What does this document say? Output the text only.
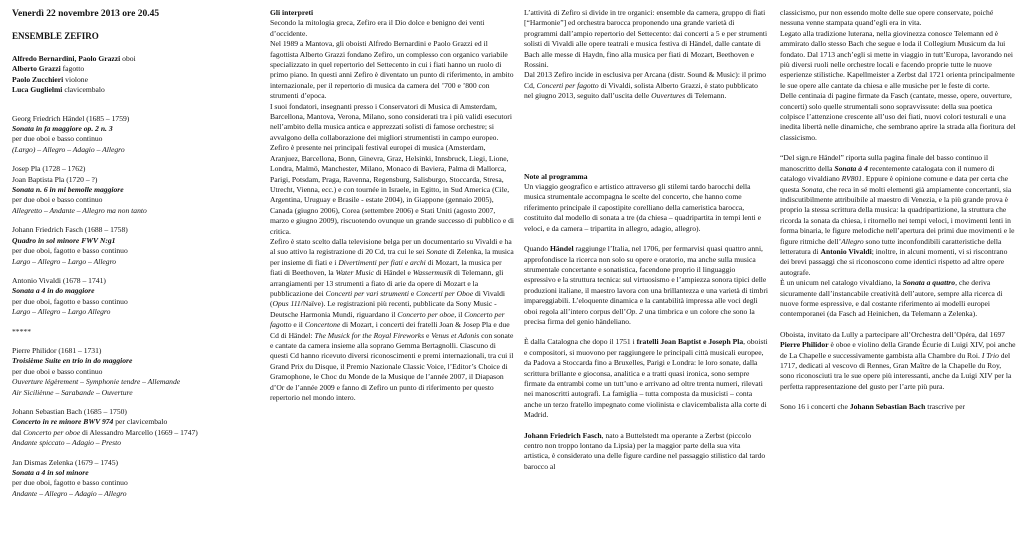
Venerdì 22 novembre 2013 ore 20.45

ENSEMBLE ZEFIRO

Alfredo Bernardini, Paolo Grazzi oboi

Alberto Grazzi fagotto

Paolo Zucchieri violone

Luca Guglielmi clavicembalo

Georg Friedrich Händel (1685 – 1759)

Sonata in fa maggiore op. 2 n. 3

per due oboi e basso continuo

(Largo) – Allegro – Adagio – Allegro

Josep Pla (1728 – 1762)

Joan Baptista Pla (1720 – ?)

Sonata n. 6 in mi bemolle maggiore

per due oboi e basso continuo

Allegretto – Andante – Allegro ma non tanto

Johann Friedrich Fasch (1688 – 1758)

Quadro in sol minore FWV N:g1

per due oboi, fagotto e basso continuo

Largo – Allegro – Largo – Allegro

Antonio Vivaldi (1678 – 1741)

Sonata a 4 in do maggiore

per due oboi, fagotto e basso continuo

Largo – Allegro – Largo Allegro

*****

Pierre Philidor (1681 – 1731)

Troisième Suite en trio in do maggiore

per due oboi e basso continuo

Ouverture légèrement – Symphonie tendre – Allemande

Air Siciliènne – Sarabande – Ouverture

Johann Sebastian Bach (1685 – 1750)

Concerto in re minore BWV 974 per clavicembalo

dal Concerto per oboe di Alessandro Marcello (1669 – 1747)

Andante spiccato – Adagio – Presto

Jan Dismas Zelenka (1679 – 1745)

Sonata a 4 in sol minore

per due oboi, fagotto e basso continuo

Andante – Allegro – Adagio – Allegro

Gli interpreti

Secondo la mitologia greca, Zefiro era il Dio dolce e benigno dei venti d’occidente.

Nel 1989 a Mantova, gli oboisti Alfredo Bernardini e Paolo Grazzi ed il fagottista Alberto Grazzi fondano Zefiro, un complesso con organico variabile specializzato in quel repertorio del Settecento in cui i fiati hanno un ruolo di primo piano. In questi anni Zefiro è diventato un punto di riferimento, in ambito internazionale, per il repertorio di musica da camera del ’700 e ’800 con strumenti d’epoca.

I suoi fondatori, insegnanti presso i Conservatori di Musica di Amsterdam, Barcellona, Mantova, Verona, Milano, sono considerati tra i più validi esecutori nell’ambito della musica antica e apprezzati solisti di famose orchestre; si avvalgono della collaborazione dei migliori strumentisti in campo europeo.

Zefiro è presente nei principali festival europei di musica (Amsterdam, Aranjuez, Barcellona, Bonn, Ginevra, Graz, Helsinki, Innsbruck, Liegi, Lione, Londra, Malmö, Manchester, Milano, Monaco di Baviera, Palma di Mallorca, Parigi, Potsdam, Praga, Ravenna, Regensburg, Salisburgo, Stoccarda, Stresa, Utrecht, Vienna, ecc.) e con tournée in Israele, in Egitto, in Sud America (Cile, Argentina, Uruguay e Brasile - estate 2004), in Giappone (gennaio 2005), Canada (giugno 2006), Corea (settembre 2006) e Stati Uniti (agosto 2007, marzo e giugno 2009), riscuotendo ovunque un grande successo di pubblico e di critica.

Zefiro è stato scelto dalla televisione belga per un documentario su Vivaldi e ha al suo attivo la registrazione di 20 Cd, tra cui le sei Sonate di Zelenka, la musica per insieme di fiati e i Divertimenti per fiati e archi di Mozart, la musica per fiati di Beethoven, la Water Music di Händel e Wassermusik di Telemann, gli arrangiamenti per 13 strumenti a fiato di arie da opere di Mozart e la pubblicazione dei Concerti per vari strumenti e Concerti per Oboe di Vivaldi (Opus 111/Naïve). Le registrazioni più recenti, pubblicate da Sony Music -Deutsche Harmonia Mundi, riguardano il Concerto per oboe, il Concerto per fagotto e il Concertone di Mozart, i concerti dei fratelli Joan & Josep Pla e due Cd di Händel: The Musick for the Royal Fireworks e Venus et Adonis con sonate e cantate da camera insieme alla soprano Gemma Bertagnolli. Ciascuno di questi Cd hanno ricevuto diversi riconoscimenti e premi internazionali, tra cui il Grand Prix du Disque, il Premio Nazionale Classic Voice, l’Editor’s Choice di Gramophone, le Choc du Monde de la Musique de l’année 2007, il Diapason d’Or de l’année 2009 e fanno di Zefiro un punto di riferimento per questo repertorio nel mondo intero.

L’attività di Zefiro si divide in tre organici: ensemble da camera, gruppo di fiati [“Harmonie”] ed orchestra barocca proponendo una grande varietà di programmi dall’ampio repertorio del Settecento: dai concerti a 5 e per strumenti solisti di Vivaldi alle opere teatrali e musica festiva di Händel, dalle cantate di Bach alle messe di Haydn, fino alla musica per fiati di Mozart, Beethoven e Rossini.

Dal 2013 Zefiro incide in esclusiva per Arcana (distr. Sound & Music): il primo Cd, Concerti per fagotto di Vivaldi, solista Alberto Grazzi, è stato pubblicato nel giugno 2013, seguito dall’uscita delle Ouvertures di Telemann.

Note al programma

Un viaggio geografico e artistico attraverso gli stilemi tardo barocchi della musica strumentale accompagna le scelte del concerto, che hanno come riferimento principale il capostipite corelliano della cameristica barocca, costituito dal modello di sonata a tre (da chiesa – quadripartita in tempi lenti e veloci, e da camera – tripartita in allegro, adagio, allegro).

Quando Händel raggiunge l’Italia, nel 1706, per fermarvisi quasi quattro anni, approfondisce la ricerca non solo su opere e oratorio, ma anche sulla musica strumentale concertante e sonatistica, facendone proprio il linguaggio espressivo e la struttura tecnica: sul virtuosismo e l’ampiezza sonora tipici delle produzioni italiane, il maestro lavora con una brillantezza e una varietà di timbri impareggiabili. L’eloquente dinamica e la cantabilità impressa alle voci degli oboi regola all’intero corpus dell’Op. 2 una timbrica e un colore che sono la precisa firma del genio händeliano.

È dalla Catalogna che dopo il 1751 i fratelli Joan Baptist e Joseph Pla, oboisti e compositori, si muovono per raggiungere le principali città musicali europee, da Padova a Stoccarda fino a Bruxelles, Parigi e Londra: le loro sonate, dalla scrittura brillante e gioconsa, analitica e a tratti quasi ironica, sono sempre firmate da entrambi come un tutt’uno e arrivano ad oltre trenta numeri, rilevati nei manoscritti autografi. La famiglia – tutta composta da musicisti – conta anche un terzo fratello impegnato come violinista e clavicembalista alla corte di Madrid.

Johann Friedrich Fasch, nato a Buttelstedt ma operante a Zerbst (piccolo centro non troppo lontano da Lipsia) per la maggior parte della sua vita artistica, è considerato una delle figure cardine nel passaggio stilistico dal tardo barocco al

classicismo, pur non essendo molte delle sue opere conservate, poiché nessuna venne stampata quand’egli era in vita.

Legato alla tradizione luterana, nella giovinezza conosce Telemann ed è ammirato dallo stesso Bach che segue e loda il Collegium Musicum da lui fondato. Dal 1713 anch’egli si mette in viaggio in tutt’Europa, lavorando nei più diversi ruoli nelle orchestre locali e facendo proprie tutte le nuove esperienze stilistiche. Kapellmeister a Zerbst dal 1721 orienta principalmente le sue opere alle cantate da chiesa e alle musiche per le feste di corte.

Delle centinaia di pagine firmate da Fasch (cantate, messe, opere, ouverture, concerti) solo quelle strumentali sono sopravvissute: della sua poetica colpisce l’attenzione crescente all’uso dei fiati, nuovi colori testurali e una inedita libertà nelle dinamiche, che sembrano aprire la strada alla fioritura del classicismo.

“Del sign.re Händel” riporta sulla pagina finale del basso continuo il manoscritto della Sonata à 4 recentemente catalogata con il numero di catalogo vivaldiano RV801. Eppure è opinione comune e data per certa che questa Sonata, che reca in sé molti elementi già ampiamente concertanti, sia indiscutibilmente attribuibile al maestro di Venezia, e la più grande prova è proprio la stessa scrittura della musica: la quadripartizione, la struttura che ricorda la sonata da chiesa, i ritornello nei tempi veloci, i movimenti lenti in forma binaria, le figure melodiche nell’apertura dei primi due movimenti e le figure ritmiche dell’Allegro sono tutte inconfondibili caratteristiche della letteratura di Antonio Vivaldi; inoltre, in alcuni momenti, vi si riscontrano dei brevi passaggi che si riconoscono come identici rispetto ad altre opere autografe.

È un unicum nel catalogo vivaldiano, la Sonata a quattro, che deriva sicuramente dall’instancabile creatività dell’autore, sempre alla ricerca di nuove forme espressive, e dal costante riferimento ai modelli europei contemporanei (da Fasch ad Heinichen, da Telemann a Zelenka).

Oboista, invitato da Lully a partecipare all’Orchestra dell’Opéra, dal 1697 Pierre Philidor è oboe e violino della Grande Écurie di Luigi XIV, poi anche de La Chapelle e successivamente gambista alla Chambre du Roi. I Trio del 1717, dedicati al vescovo di Rennes, Gran Maître de la Chapelle du Roy, sono riconosciuti tra le sue opere più interessanti, anche da Luigi XIV per la perfetta rappresentazione del gusto per l’arte più pura.

Sono 16 i concerti che Johann Sebastian Bach trascrive per
